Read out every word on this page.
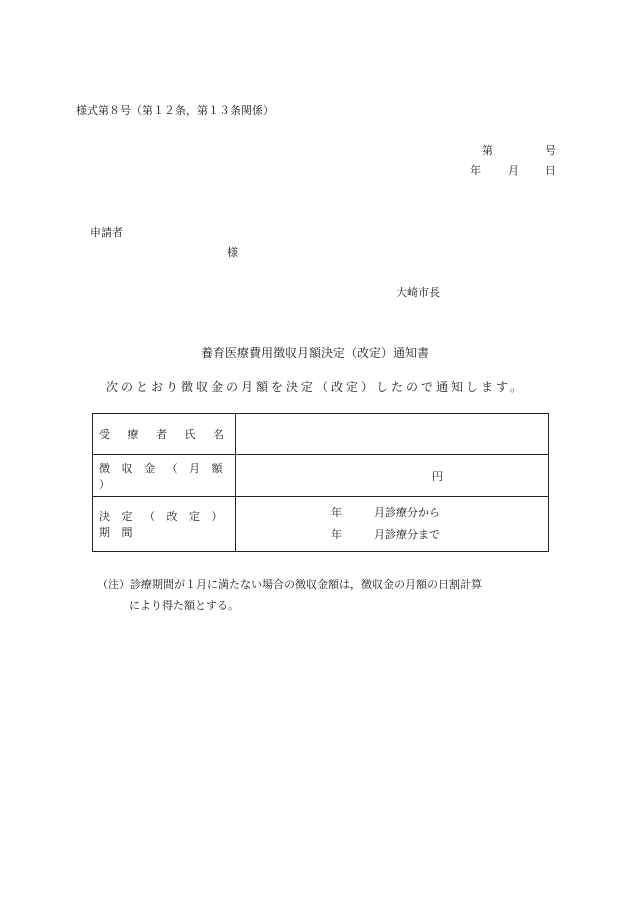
様式第８号（第１２条，第１３条関係）
第	号
年 月 日
申請者
様
大崎市長
養育医療費用徴収月額決定（改定）通知書
次のとおり徴収金の月額を決定（改定）したので通知します。
受 療 者 氏 名	
徴 収 金 （ 月 額 ）	円
決 定 （ 改 定 ） 期 間	年 月診療分から
年 月診療分まで
（注）診療期間が１月に満たない場合の徴収金額は，徴収金の月額の日割計算
により得た額とする。
